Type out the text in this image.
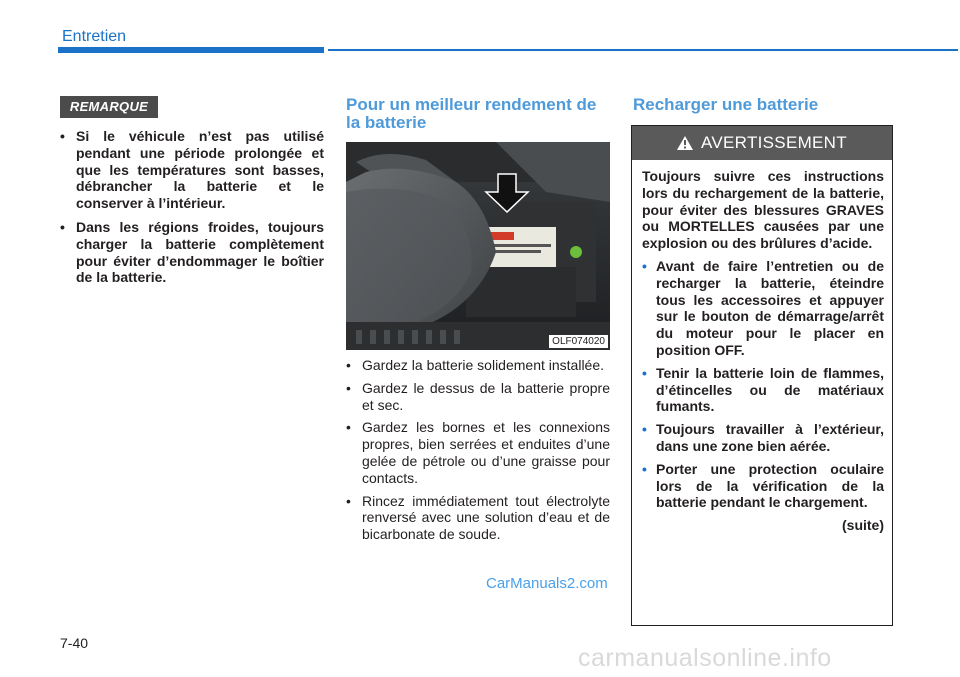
Entretien
REMARQUE

• Si le véhicule n’est pas utilisé pendant une période prolongée et que les températures sont basses, débrancher la batterie et le conserver à l’intérieur.

• Dans les régions froides, toujours charger la batterie complètement pour éviter d’endommager le boîtier de la batterie.

Pour un meilleur rendement de la batterie
OLF074020

• Gardez la batterie solidement installée.

• Gardez le dessus de la batterie propre et sec.

• Gardez les bornes et les connexions propres, bien serrées et enduites d’une gelée de pétrole ou d’une graisse pour contacts.

• Rincez immédiatement tout électrolyte renversé avec une solution d’eau et de bicarbonate de soude.

CarManuals2.com
Recharger une batterie
AVERTISSEMENT

Toujours suivre ces instructions lors du rechargement de la batterie, pour éviter des blessures GRAVES ou MORTELLES causées par une explosion ou des brûlures d’acide.

• Avant de faire l’entretien ou de recharger la batterie, éteindre tous les accessoires et appuyer sur le bouton de démarrage/arrêt du moteur pour le placer en position OFF.

• Tenir la batterie loin de flammes, d’étincelles ou de matériaux fumants.

• Toujours travailler à l’extérieur, dans une zone bien aérée.

• Porter une protection oculaire lors de la vérification de la batterie pendant le chargement.

(suite)
7-40
carmanualsonline.info
